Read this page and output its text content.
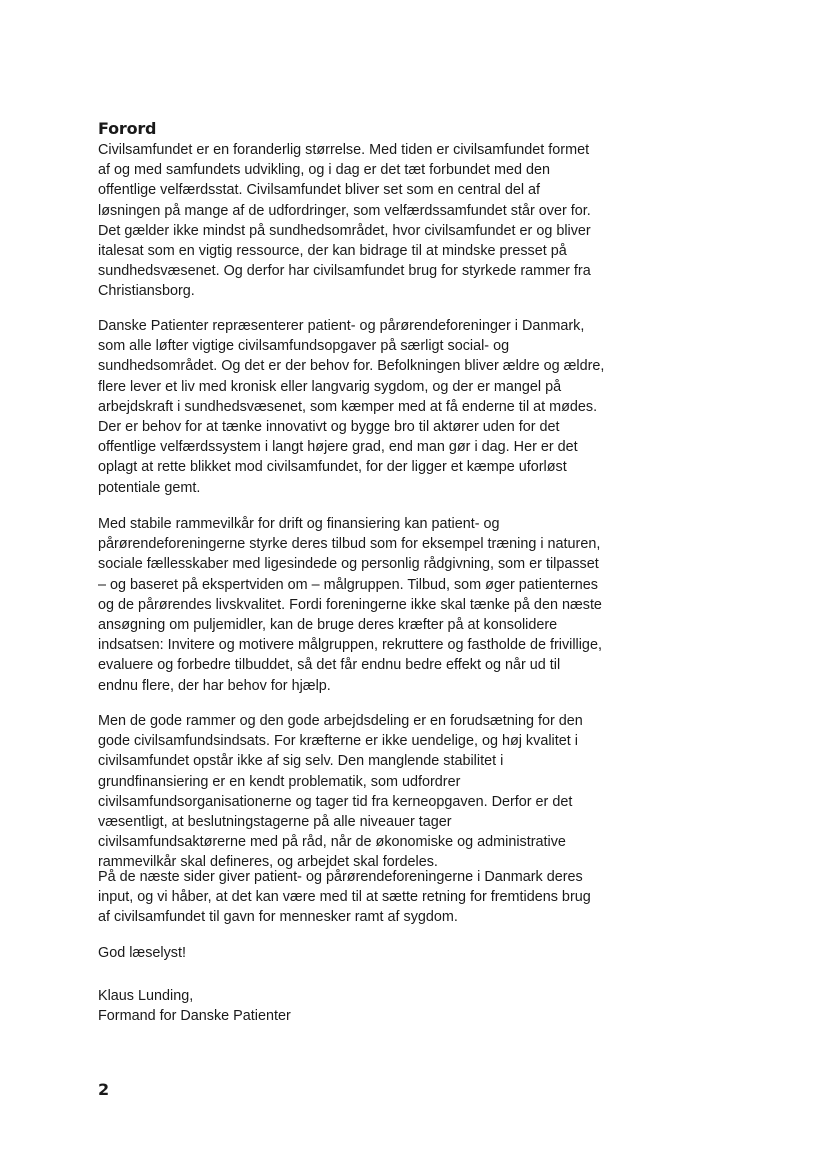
Forord
Civilsamfundet er en foranderlig størrelse. Med tiden er civilsamfundet formet
af og med samfundets udvikling, og i dag er det tæt forbundet med den
offentlige velfærdsstat. Civilsamfundet bliver set som en central del af
løsningen på mange af de udfordringer, som velfærdssamfundet står over for.
Det gælder ikke mindst på sundhedsområdet, hvor civilsamfundet er og bliver
italesat som en vigtig ressource, der kan bidrage til at mindske presset på
sundhedsvæsenet. Og derfor har civilsamfundet brug for styrkede rammer fra
Christiansborg.
Danske Patienter repræsenterer patient- og pårørendeforeninger i Danmark,
som alle løfter vigtige civilsamfundsopgaver på særligt social- og
sundhedsområdet. Og det er der behov for. Befolkningen bliver ældre og ældre,
flere lever et liv med kronisk eller langvarig sygdom, og der er mangel på
arbejdskraft i sundhedsvæsenet, som kæmper med at få enderne til at mødes.
Der er behov for at tænke innovativt og bygge bro til aktører uden for det
offentlige velfærdssystem i langt højere grad, end man gør i dag. Her er det
oplagt at rette blikket mod civilsamfundet, for der ligger et kæmpe uforløst
potentiale gemt.
Med stabile rammevilkår for drift og finansiering kan patient- og
pårørendeforeningerne styrke deres tilbud som for eksempel træning i naturen,
sociale fællesskaber med ligesindede og personlig rådgivning, som er tilpasset
– og baseret på ekspertviden om – målgruppen. Tilbud, som øger patienternes
og de pårørendes livskvalitet. Fordi foreningerne ikke skal tænke på den næste
ansøgning om puljemidler, kan de bruge deres kræfter på at konsolidere
indsatsen: Invitere og motivere målgruppen, rekruttere og fastholde de frivillige,
evaluere og forbedre tilbuddet, så det får endnu bedre effekt og når ud til
endnu flere, der har behov for hjælp.
Men de gode rammer og den gode arbejdsdeling er en forudsætning for den
gode civilsamfundsindsats. For kræfterne er ikke uendelige, og høj kvalitet i
civilsamfundet opstår ikke af sig selv. Den manglende stabilitet i
grundfinansiering er en kendt problematik, som udfordrer
civilsamfundsorganisationerne og tager tid fra kerneopgaven. Derfor er det
væsentligt, at beslutningstagerne på alle niveauer tager
civilsamfundsaktørerne med på råd, når de økonomiske og administrative
rammevilkår skal defineres, og arbejdet skal fordeles.
På de næste sider giver patient- og pårørendeforeningerne i Danmark deres
input, og vi håber, at det kan være med til at sætte retning for fremtidens brug
af civilsamfundet til gavn for mennesker ramt af sygdom.
God læselyst!
Klaus Lunding,
Formand for Danske Patienter
2
